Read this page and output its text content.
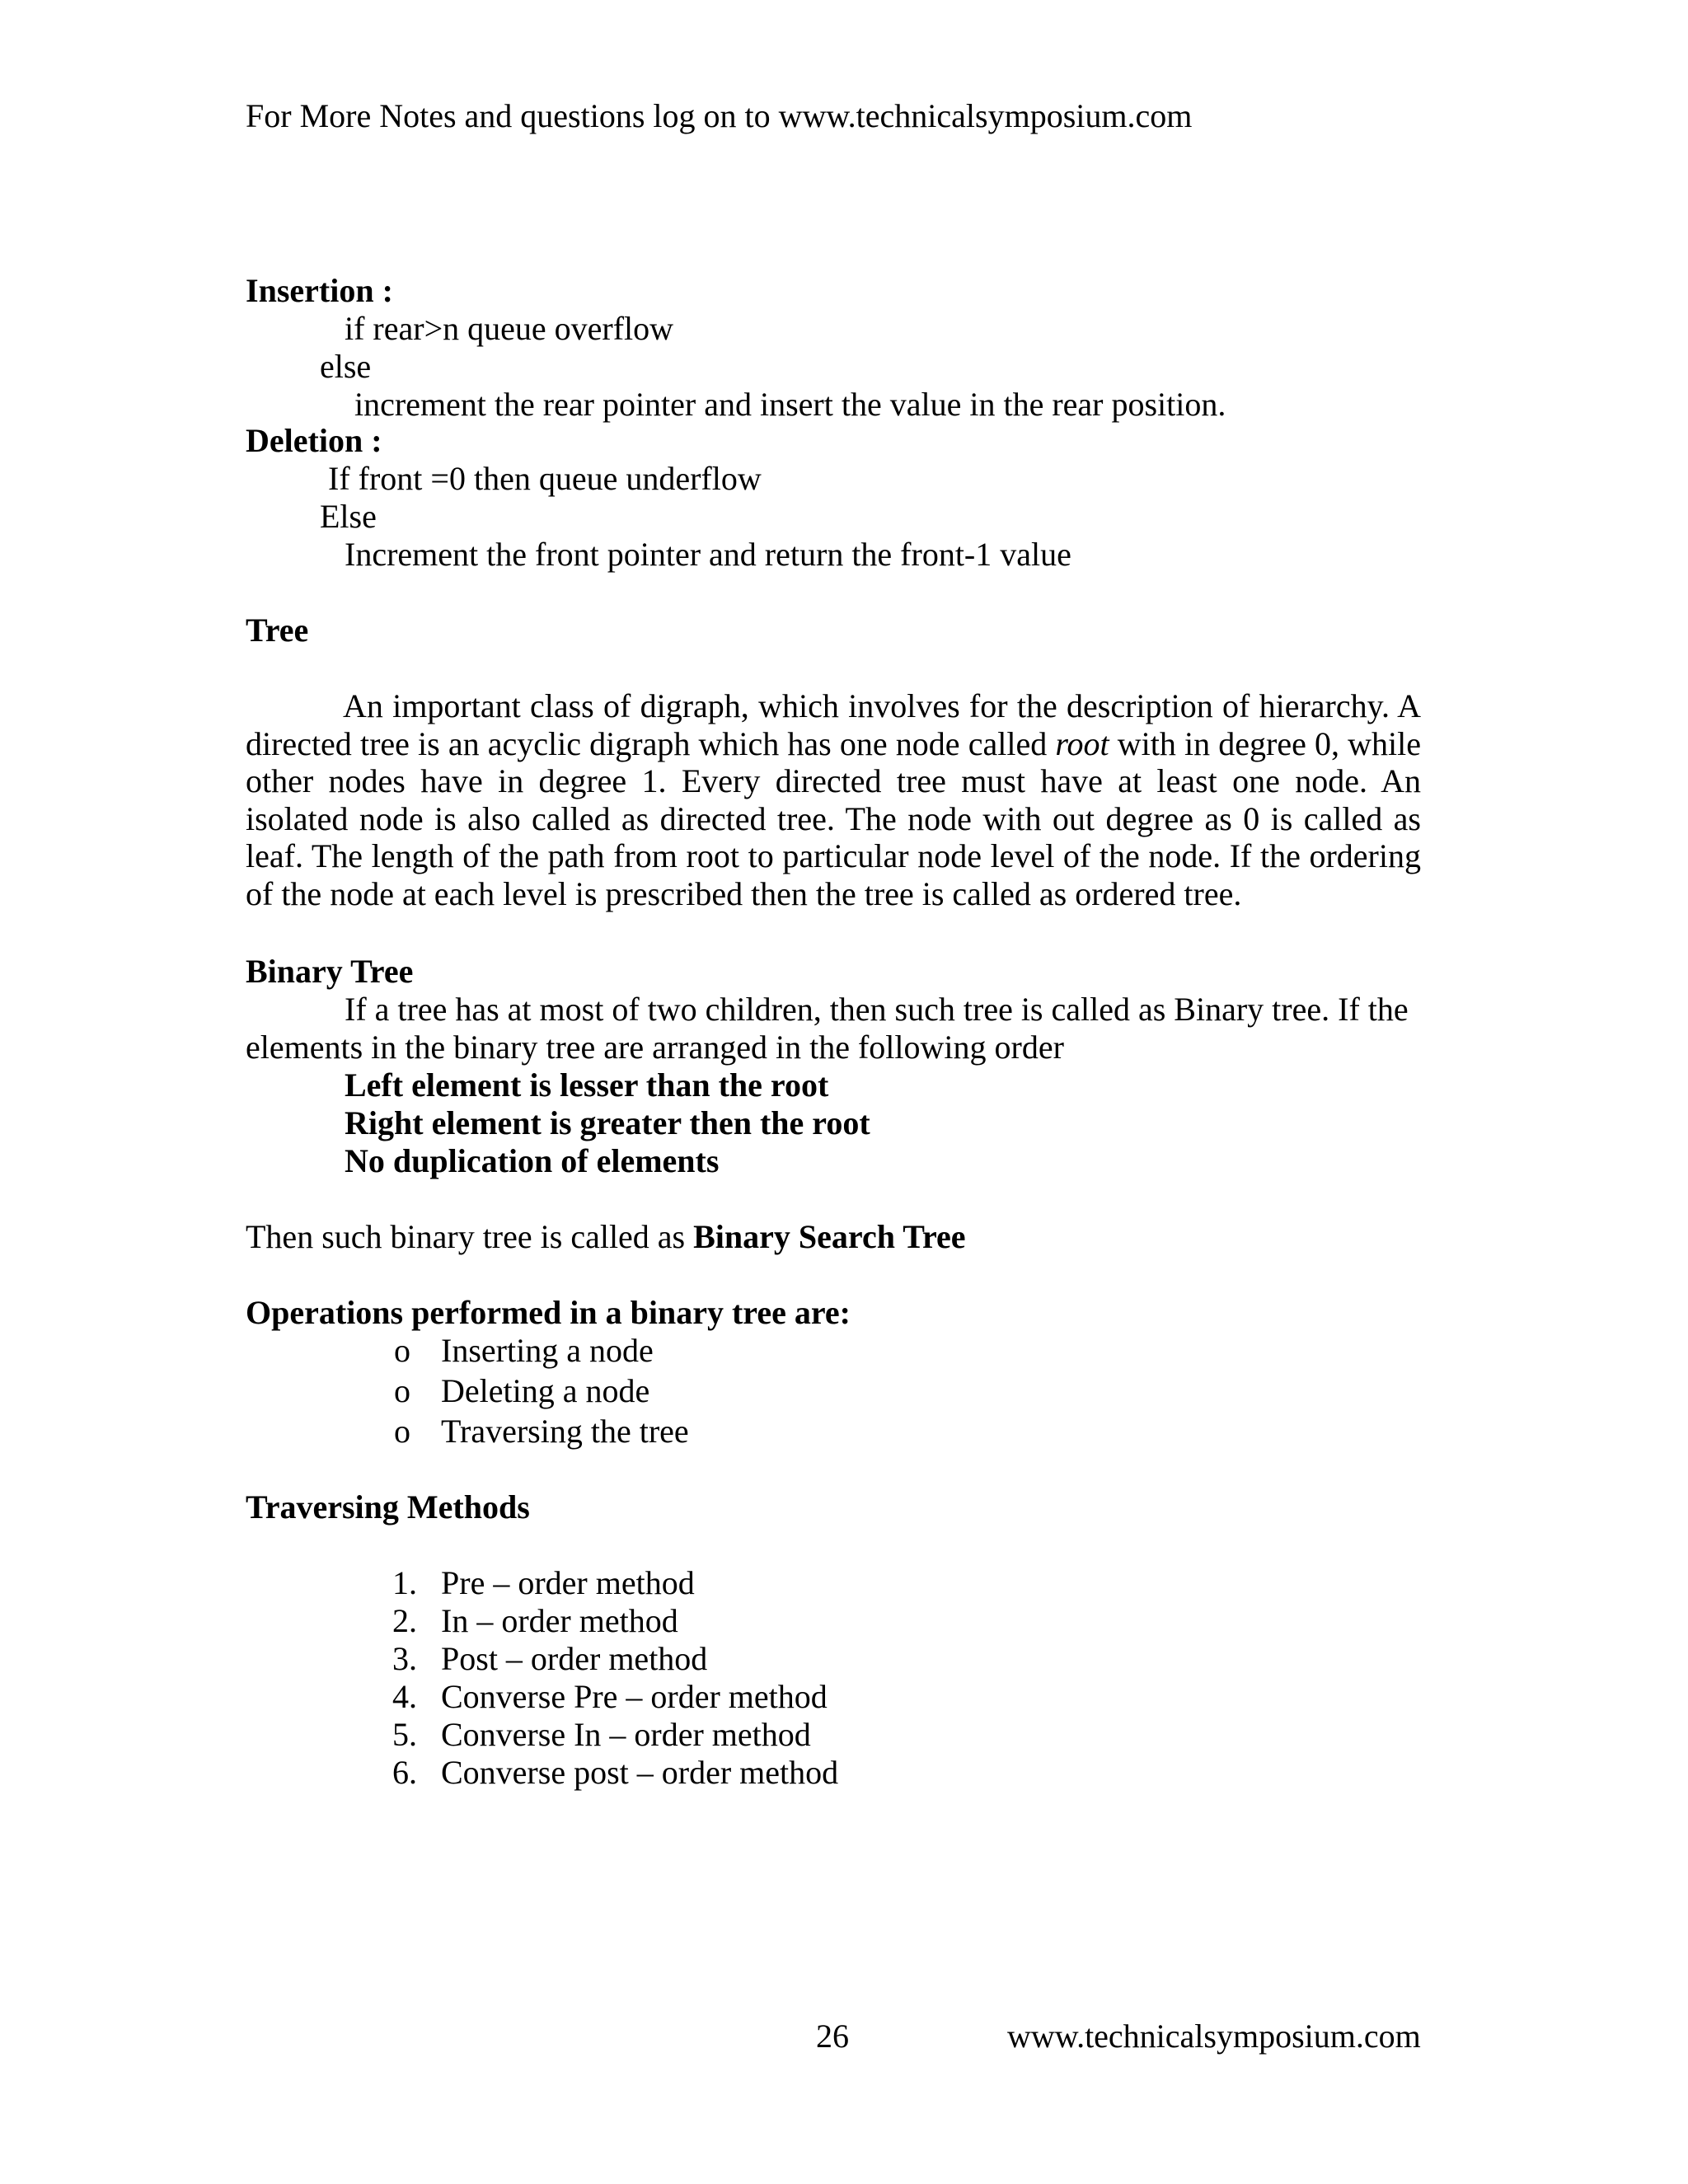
For More Notes and questions log on to www.technicalsymposium.com
Insertion :
if rear>n queue overflow
else
increment the rear pointer and insert the value in the rear position.
Deletion :
If front =0 then queue underflow
Else
Increment the front pointer and return the front-1 value
Tree

An important class of digraph, which involves for the description of hierarchy. A directed tree is an acyclic digraph which has one node called root with in degree 0, while other nodes have in degree 1. Every directed tree must have at least one node. An isolated node is also called as directed tree. The node with out degree as 0 is called as leaf. The length of the path from root to particular node level of the node. If the ordering of the node at each level is prescribed then the tree is called as ordered tree.

Binary Tree
If a tree has at most of two children, then such tree is called as Binary tree. If the
elements in the binary tree are arranged in the following order
Left element is lesser than the root
Right element is greater then the root
No duplication of elements
Then such binary tree is called as Binary Search Tree
Operations performed in a binary tree are:
o Inserting a node
o Deleting a node
o Traversing the tree
Traversing Methods
1. Pre – order method
2. In – order method
3. Post – order method
4. Converse Pre – order method
5. Converse In – order method
6. Converse post – order method
26	www.technicalsymposium.com
